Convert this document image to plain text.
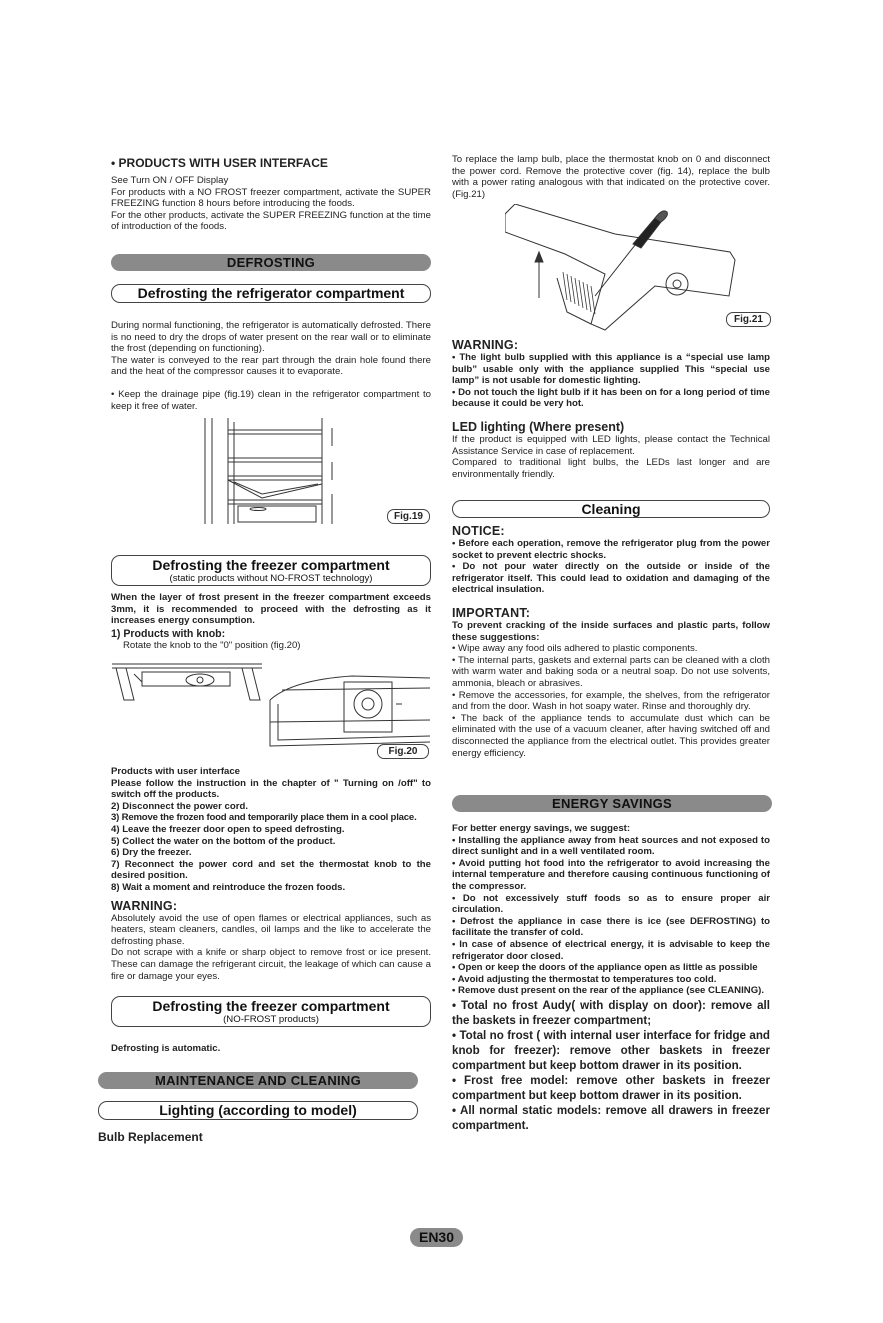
• PRODUCTS WITH USER INTERFACE

See Turn ON / OFF Display

For products with a NO FROST freezer compartment, activate the SUPER FREEZING function 8 hours before introducing the foods.

For the other products, activate the SUPER FREEZING function at the time of introduction of the foods.

DEFROSTING
Defrosting the refrigerator compartment

During normal functioning, the refrigerator is automatically defrosted. There is no need to dry the drops of water present on the rear wall or to eliminate the frost (depending on functioning).

The water is conveyed to the rear part through the drain hole found there and the heat of the compressor causes it to evaporate.

• Keep the drainage pipe (fig.19) clean in the refrigerator compartment to keep it free of water.

Fig.19
Defrosting the freezer compartment
(static products without NO-FROST technology)

When the layer of frost present in the freezer compartment exceeds 3mm, it is recommended to proceed with the defrosting as it increases energy consumption.

1) Products with knob:

Rotate the knob to the "0" position (fig.20)

Fig.20

Products with user interface

Please follow the instruction in the chapter of " Turning on /off" to switch off the products.

2) Disconnect the power cord.

3) Remove the frozen food and temporarily place them in a cool place.

4) Leave the freezer door open to speed defrosting.

5) Collect the water on the bottom of the product.

6) Dry the freezer.

7) Reconnect the power cord and set the thermostat knob to the desired position.

8) Wait a moment and reintroduce the frozen foods.

WARNING:

Absolutely avoid the use of open flames or electrical appliances, such as heaters, steam cleaners, candles, oil lamps and the like to accelerate the defrosting phase.

Do not scrape with a knife or sharp object to remove frost or ice present. These can damage the refrigerant circuit, the leakage of which can cause a fire or damage your eyes.

Defrosting the freezer compartment
(NO-FROST products)

Defrosting is automatic.

MAINTENANCE AND CLEANING
Lighting (according to model)

Bulb Replacement

To replace the lamp bulb, place the thermostat knob on 0 and disconnect the power cord. Remove the protective cover (fig. 14), replace the bulb with a power rating analogous with that indicated on the protective cover.(Fig.21)

Fig.21

WARNING:

• The light bulb supplied with this appliance is a “special use lamp bulb” usable only with the appliance supplied This “special use lamp” is not usable for domestic lighting.

• Do not touch the light bulb if it has been on for a long period of time because it could be very hot.

LED lighting (Where present)

If the product is equipped with LED lights, please contact the Technical Assistance Service in case of replacement.

Compared to traditional light bulbs, the LEDs last longer and are environmentally friendly.

Cleaning

NOTICE:

• Before each operation, remove the refrigerator plug from the power socket to prevent electric shocks.

• Do not pour water directly on the outside or inside of the refrigerator itself. This could lead to oxidation and damaging of the electrical insulation.

IMPORTANT:

To prevent cracking of the inside surfaces and plastic parts, follow these suggestions:

• Wipe away any food oils adhered to plastic components.

• The internal parts, gaskets and external parts can be cleaned with a cloth with warm water and baking soda or a neutral soap. Do not use solvents, ammonia, bleach or abrasives.

• Remove the accessories, for example, the shelves, from the refrigerator and from the door. Wash in hot soapy water. Rinse and thoroughly dry.

• The back of the appliance tends to accumulate dust which can be eliminated with the use of a vacuum cleaner, after having switched off and disconnected the appliance from the electrical outlet. This provides greater energy efficiency.

ENERGY SAVINGS

For better energy savings, we suggest:

• Installing the appliance away from heat sources and not exposed to direct sunlight and in a well ventilated room.

• Avoid putting hot food into the refrigerator to avoid increasing the internal temperature and therefore causing continuous functioning of the compressor.

• Do not excessively stuff foods so as to ensure proper air circulation.

• Defrost the appliance in case there is ice (see DEFROSTING) to facilitate the transfer of cold.

• In case of absence of electrical energy, it is advisable to keep the refrigerator door closed.

• Open or keep the doors of the appliance open as little as possible

• Avoid adjusting the thermostat to temperatures too cold.

• Remove dust present on the rear of the appliance (see CLEANING).

• Total no frost Audy( with display on door): remove all the baskets in freezer compartment;

• Total no frost ( with internal user interface for fridge and knob for freezer): remove other baskets in freezer compartment but keep bottom drawer in its position.

• Frost free model: remove other baskets in freezer compartment but keep bottom drawer in its position.

• All normal static models: remove all drawers in freezer compartment.

EN30
